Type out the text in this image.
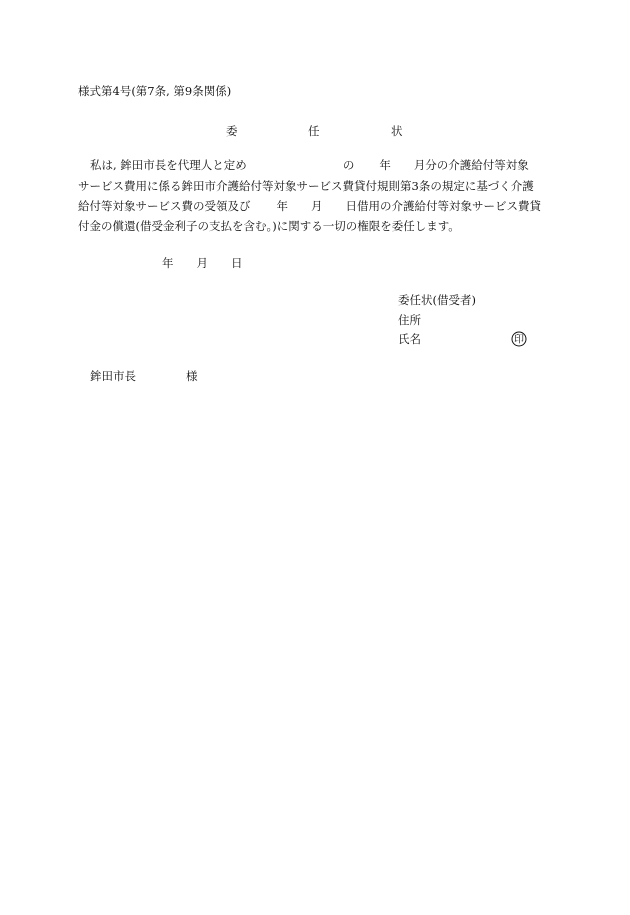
様式第4号(第7条, 第9条関係)
委	任	状
私は, 鉾田市長を代理人と定め	の 年 月分の介護給付等対象
サービス費用に係る鉾田市介護給付等対象サービス費貸付規則第3条の規定に基づく介護
給付等対象サービス費の受領及び 年 月 日借用の介護給付等対象サービス費貸
付金の償還(借受金利子の支払を含む。)に関する一切の権限を委任します。
年 月 日
委任状(借受者)
住所
氏名	印
鉾田市長	様
